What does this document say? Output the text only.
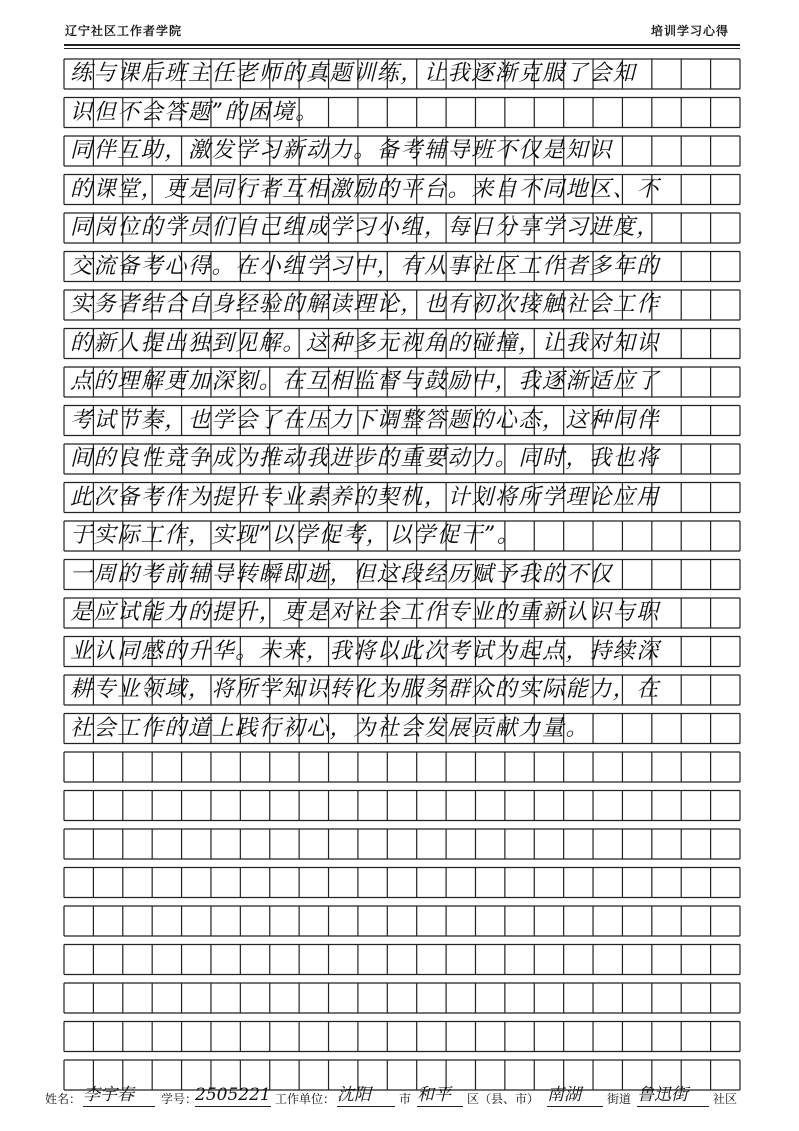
辽宁社区工作者学院	培训学习心得
练与课后班主任老师的真题训练，让我逐渐克服了会知
识但不会答题”的困境。
同伴互助，激发学习新动力。备考辅导班不仅是知识
的课堂，更是同行者互相激励的平台。来自不同地区、不
同岗位的学员们自己组成学习小组，每日分享学习进度，
交流备考心得。在小组学习中，有从事社区工作者多年的
实务者结合自身经验的解读理论，也有初次接触社会工作
的新人提出独到见解。这种多元视角的碰撞，让我对知识
点的理解更加深刻。在互相监督与鼓励中，我逐渐适应了
考试节奏，也学会了在压力下调整答题的心态，这种同伴
间的良性竞争成为推动我进步的重要动力。同时，我也将
此次备考作为提升专业素养的契机，计划将所学理论应用
于实际工作，实现”以学促考，以学促干”。
一周的考前辅导转瞬即逝，但这段经历赋予我的不仅
是应试能力的提升，更是对社会工作专业的重新认识与职
业认同感的升华。未来，我将以此次考试为起点，持续深
耕专业领域，将所学知识转化为服务群众的实际能力，在
社会工作的道上践行初心，为社会发展贡献力量。
姓名： 李宇春	学号：
2505221 工作单位： 沈阳	市 和平	区（县、市） 南湖	街道 鲁迅街	社区
